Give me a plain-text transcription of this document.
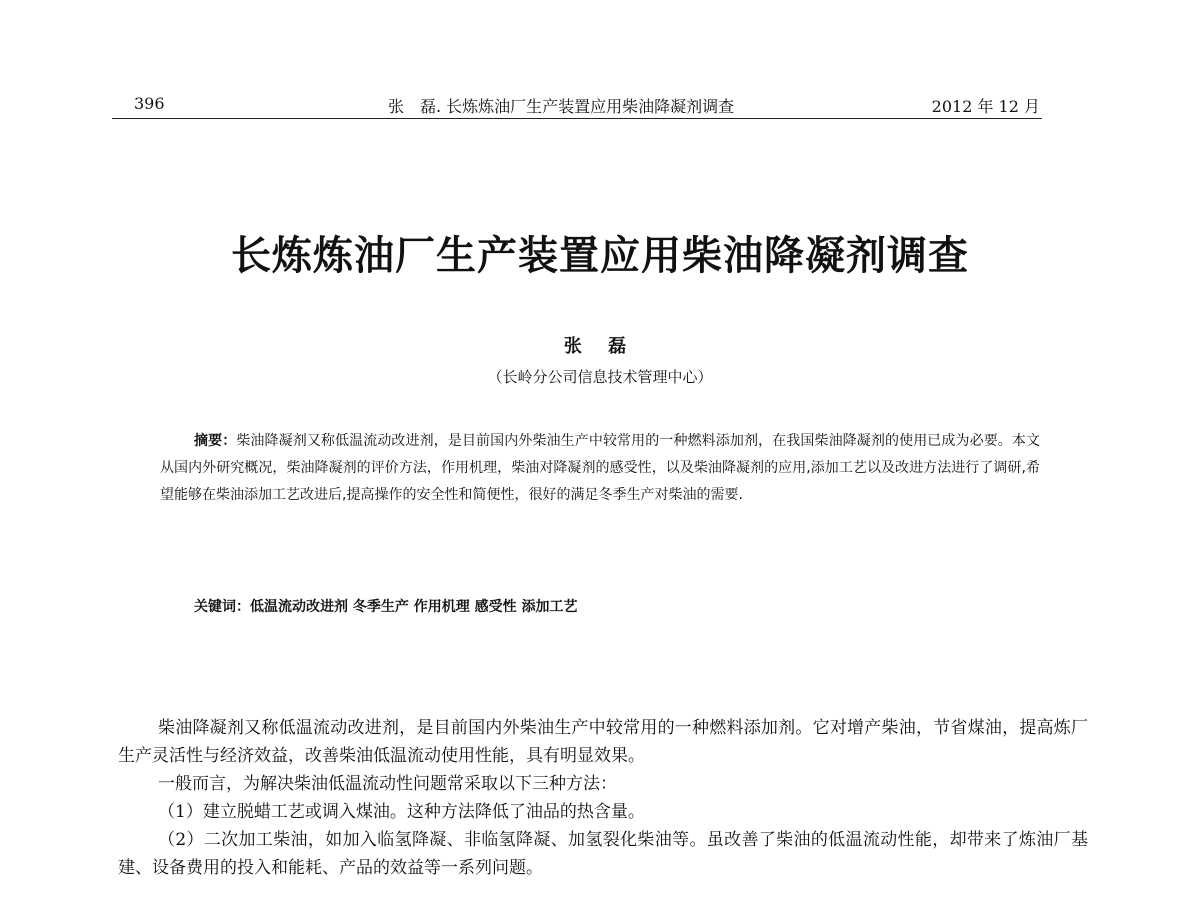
396	张　磊. 长炼炼油厂生产装置应用柴油降凝剂调查	2012 年 12 月
长炼炼油厂生产装置应用柴油降凝剂调查
张 磊
（长岭分公司信息技术管理中心）
摘要：柴油降凝剂又称低温流动改进剂，是目前国内外柴油生产中较常用的一种燃料添加剂，在我国柴油降凝剂的使用已成为必要。本文从国内外研究概况，柴油降凝剂的评价方法，作用机理，柴油对降凝剂的感受性，以及柴油降凝剂的应用,添加工艺以及改进方法进行了调研,希望能够在柴油添加工艺改进后,提高操作的安全性和简便性，很好的满足冬季生产对柴油的需要.
关键词：低温流动改进剂 冬季生产 作用机理 感受性 添加工艺

柴油降凝剂又称低温流动改进剂，是目前国内外柴油生产中较常用的一种燃料添加剂。它对增产柴油，节省煤油，提高炼厂生产灵活性与经济效益，改善柴油低温流动使用性能，具有明显效果。

一般而言，为解决柴油低温流动性问题常采取以下三种方法：

（1）建立脱蜡工艺或调入煤油。这种方法降低了油品的热含量。

（2）二次加工柴油，如加入临氢降凝、非临氢降凝、加氢裂化柴油等。虽改善了柴油的低温流动性能，却带来了炼油厂基建、设备费用的投入和能耗、产品的效益等一系列问题。
